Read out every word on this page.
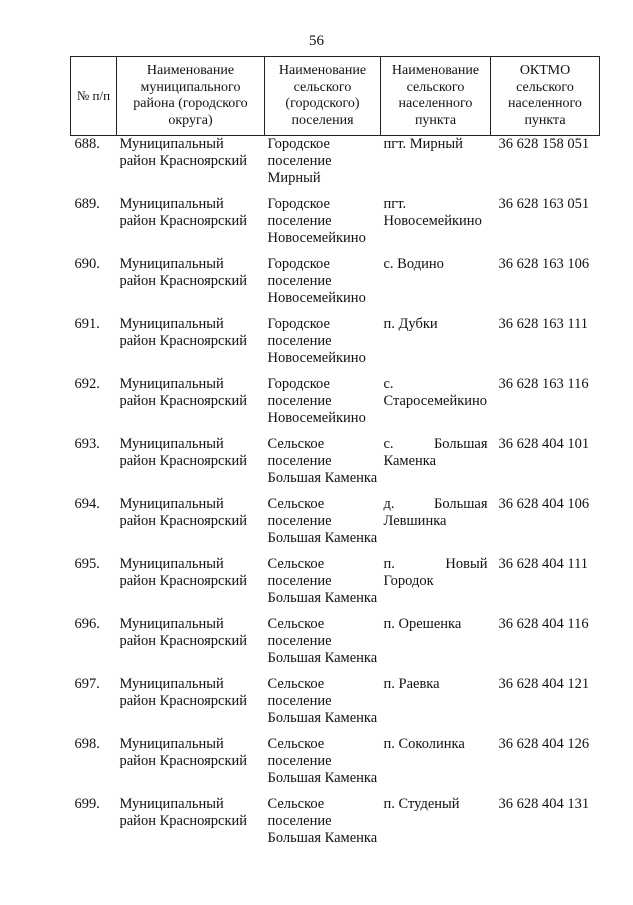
56
№ п/п	Наименование муниципального района (городского округа)	Наименование сельского (городского) поселения	Наименование сельского населенного пункта	ОКТМО сельского населенного пункта
688.	Муниципальный район Красноярский	Городское поселение Мирный	пгт. Мирный	36 628 158 051
689.	Муниципальный район Красноярский	Городское поселение Новосемейкино	пгт. Новосемейкино	36 628 163 051
690.	Муниципальный район Красноярский	Городское поселение Новосемейкино	с. Водино	36 628 163 106
691.	Муниципальный район Красноярский	Городское поселение Новосемейкино	п. Дубки	36 628 163 111
692.	Муниципальный район Красноярский	Городское поселение Новосемейкино	с. Старосемейкино	36 628 163 116
693.	Муниципальный район Красноярский	Сельское поселение Большая Каменка	с. Большая Каменка	36 628 404 101
694.	Муниципальный район Красноярский	Сельское поселение Большая Каменка	д. Большая Левшинка	36 628 404 106
695.	Муниципальный район Красноярский	Сельское поселение Большая Каменка	п. Новый Городок	36 628 404 111
696.	Муниципальный район Красноярский	Сельское поселение Большая Каменка	п. Орешенка	36 628 404 116
697.	Муниципальный район Красноярский	Сельское поселение Большая Каменка	п. Раевка	36 628 404 121
698.	Муниципальный район Красноярский	Сельское поселение Большая Каменка	п. Соколинка	36 628 404 126
699.	Муниципальный район Красноярский	Сельское поселение Большая Каменка	п. Студеный	36 628 404 131
